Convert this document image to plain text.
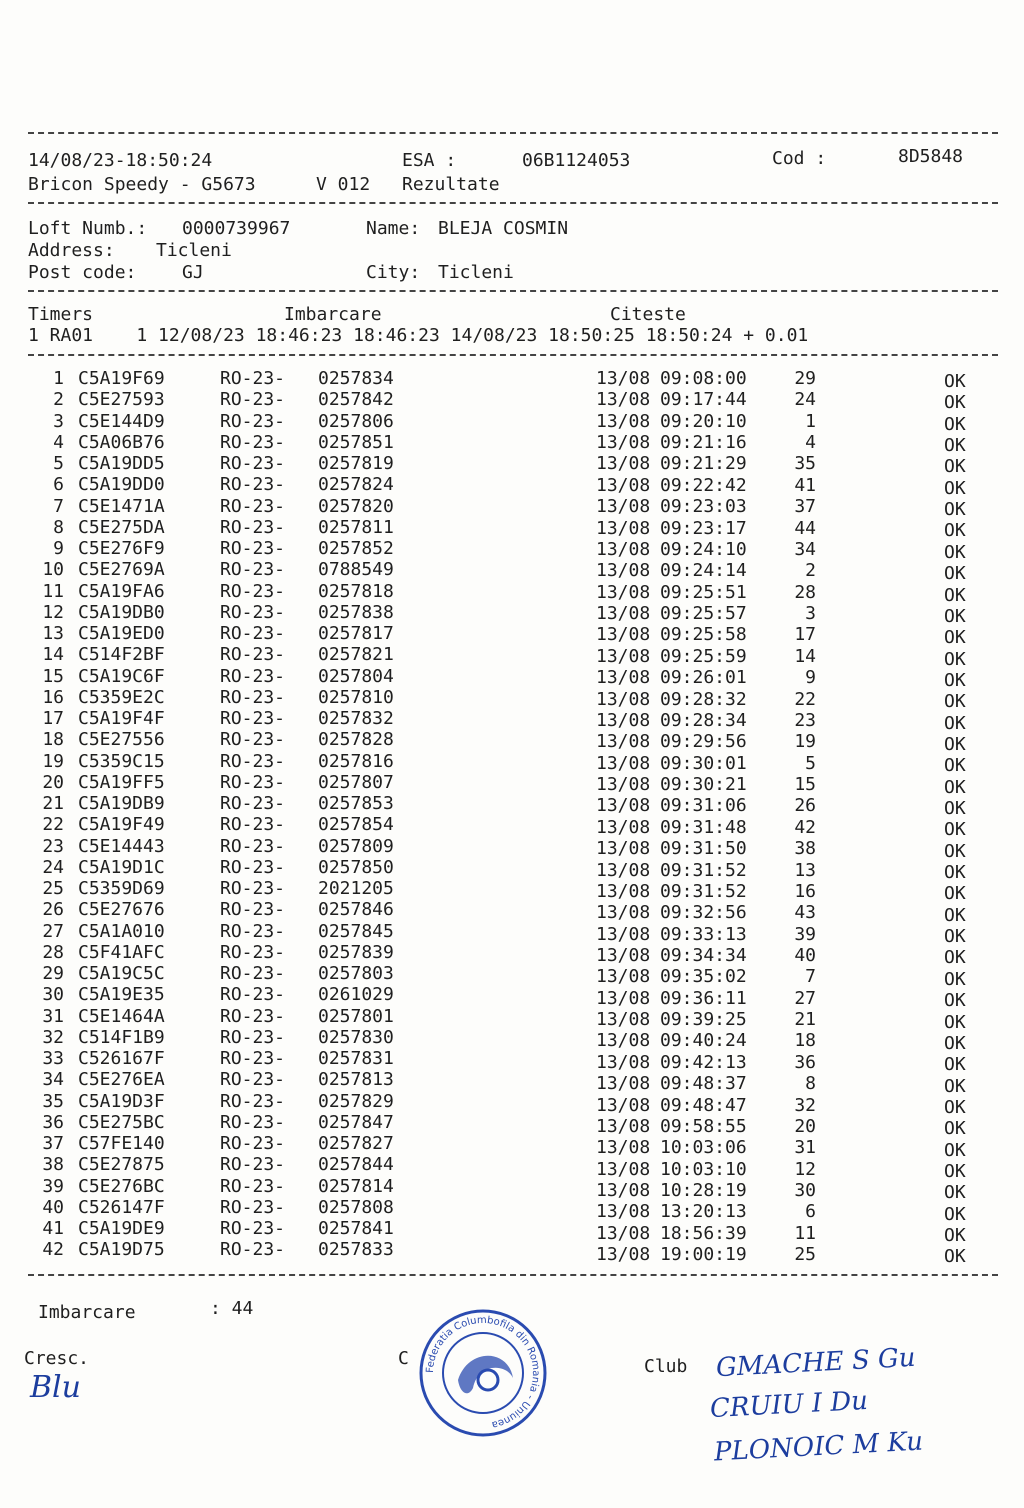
14/08/23-18:50:24	ESA :	06B1124053	Cod :	8D5848
Bricon Speedy - G5673	V 012 Rezultate
Loft Numb.: 0000739967	Name: BLEJA COSMIN
Address: Ticleni
Post code:	GJ	City: Ticleni
Timers	Imbarcare	Citeste
1 RA01    1 12/08/23 18:46:23 18:46:23 14/08/23 18:50:25 18:50:24 + 0.01
1 C5A19F69	RO-23- 0257834	13/08 09:08:00	29	OK
2 C5E27593	RO-23- 0257842	13/08 09:17:44	24	OK
3 C5E144D9	RO-23- 0257806	13/08 09:20:10	1	OK
4 C5A06B76	RO-23- 0257851	13/08 09:21:16	4	OK
5 C5A19DD5	RO-23- 0257819	13/08 09:21:29	35	OK
6 C5A19DD0	RO-23- 0257824	13/08 09:22:42	41	OK
7 C5E1471A	RO-23- 0257820	13/08 09:23:03	37	OK
8 C5E275DA	RO-23- 0257811	13/08 09:23:17	44	OK
9 C5E276F9	RO-23- 0257852	13/08 09:24:10	34	OK
10 C5E2769A	RO-23- 0788549	13/08 09:24:14	2	OK
11 C5A19FA6	RO-23- 0257818	13/08 09:25:51	28	OK
12 C5A19DB0	RO-23- 0257838	13/08 09:25:57	3	OK
13 C5A19ED0	RO-23- 0257817	13/08 09:25:58	17	OK
14 C514F2BF	RO-23- 0257821	13/08 09:25:59	14	OK
15 C5A19C6F	RO-23- 0257804	13/08 09:26:01	9	OK
16 C5359E2C	RO-23- 0257810	13/08 09:28:32	22	OK
17 C5A19F4F	RO-23- 0257832	13/08 09:28:34	23	OK
18 C5E27556	RO-23- 0257828	13/08 09:29:56	19	OK
19 C5359C15	RO-23- 0257816	13/08 09:30:01	5	OK
20 C5A19FF5	RO-23- 0257807	13/08 09:30:21	15	OK
21 C5A19DB9	RO-23- 0257853	13/08 09:31:06	26	OK
22 C5A19F49	RO-23- 0257854	13/08 09:31:48	42	OK
23 C5E14443	RO-23- 0257809	13/08 09:31:50	38	OK
24 C5A19D1C	RO-23- 0257850	13/08 09:31:52	13	OK
25 C5359D69	RO-23- 2021205	13/08 09:31:52	16	OK
26 C5E27676	RO-23- 0257846	13/08 09:32:56	43	OK
27 C5A1A010	RO-23- 0257845	13/08 09:33:13	39	OK
28 C5F41AFC	RO-23- 0257839	13/08 09:34:34	40	OK
29 C5A19C5C	RO-23- 0257803	13/08 09:35:02	7	OK
30 C5A19E35	RO-23- 0261029	13/08 09:36:11	27	OK
31 C5E1464A	RO-23- 0257801	13/08 09:39:25	21	OK
32 C514F1B9	RO-23- 0257830	13/08 09:40:24	18	OK
33 C526167F	RO-23- 0257831	13/08 09:42:13	36	OK
34 C5E276EA	RO-23- 0257813	13/08 09:48:37	8	OK
35 C5A19D3F	RO-23- 0257829	13/08 09:48:47	32	OK
36 C5E275BC	RO-23- 0257847	13/08 09:58:55	20	OK
37 C57FE140	RO-23- 0257827	13/08 10:03:06	31	OK
38 C5E27875	RO-23- 0257844	13/08 10:03:10	12	OK
39 C5E276BC	RO-23- 0257814	13/08 10:28:19	30	OK
40 C526147F	RO-23- 0257808	13/08 13:20:13	6	OK
41 C5A19DE9	RO-23- 0257841	13/08 18:56:39	11	OK
42 C5A19D75	RO-23- 0257833	13/08 19:00:19	25	OK
Imbarcare	: 44
Cresc.
Blu
C
Federatia Columbofila din Romania - Uniunea
Club GMACHE S Gu
CRUIU I Du
PLONOIC M Ku
